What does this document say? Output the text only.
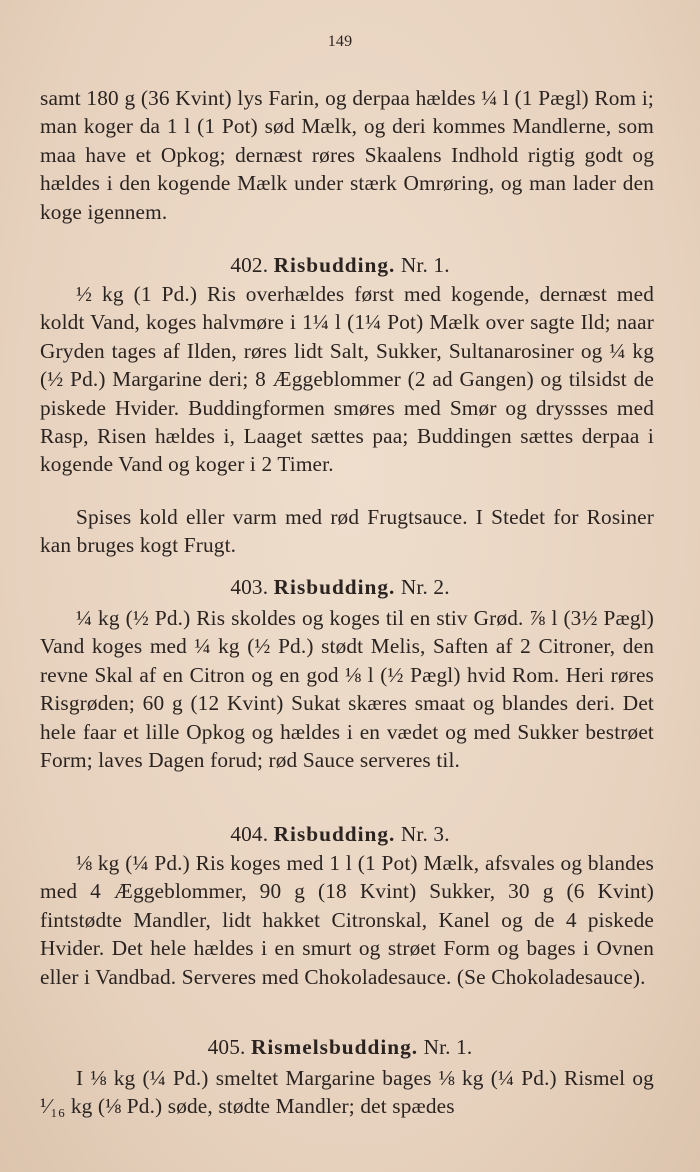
149

samt 180 g (36 Kvint) lys Farin, og derpaa hældes ¼ l (1 Pægl) Rom i; man koger da 1 l (1 Pot) sød Mælk, og deri kommes Mandlerne, som maa have et Opkog; dernæst røres Skaalens Indhold rigtig godt og hældes i den kogende Mælk under stærk Omrøring, og man lader den koge igennem.

402. Risbudding. Nr. 1.

½ kg (1 Pd.) Ris overhældes først med kogende, dernæst med koldt Vand, koges halvmøre i 1¼ l (1¼ Pot) Mælk over sagte Ild; naar Gryden tages af Ilden, røres lidt Salt, Sukker, Sultanarosiner og ¼ kg (½ Pd.) Margarine deri; 8 Æggeblommer (2 ad Gangen) og tilsidst de piskede Hvider. Buddingformen smøres med Smør og dryssses med Rasp, Risen hældes i, Laaget sættes paa; Buddingen sættes derpaa i kogende Vand og koger i 2 Timer.

Spises kold eller varm med rød Frugtsauce. I Stedet for Rosiner kan bruges kogt Frugt.

403. Risbudding. Nr. 2.

¼ kg (½ Pd.) Ris skoldes og koges til en stiv Grød. ⅞ l (3½ Pægl) Vand koges med ¼ kg (½ Pd.) stødt Melis, Saften af 2 Citroner, den revne Skal af en Citron og en god ⅛ l (½ Pægl) hvid Rom. Heri røres Risgrøden; 60 g (12 Kvint) Sukat skæres smaat og blandes deri. Det hele faar et lille Opkog og hældes i en vædet og med Sukker bestrøet Form; laves Dagen forud; rød Sauce serveres til.

404. Risbudding. Nr. 3.

⅛ kg (¼ Pd.) Ris koges med 1 l (1 Pot) Mælk, afsvales og blandes med 4 Æggeblommer, 90 g (18 Kvint) Sukker, 30 g (6 Kvint) fintstødte Mandler, lidt hakket Citronskal, Kanel og de 4 piskede Hvider. Det hele hældes i en smurt og strøet Form og bages i Ovnen eller i Vandbad. Serveres med Chokoladesauce. (Se Chokoladesauce).

405. Rismelsbudding. Nr. 1.

I ⅛ kg (¼ Pd.) smeltet Margarine bages ⅛ kg (¼ Pd.) Rismel og ¹⁄₁₆ kg (⅛ Pd.) søde, stødte Mandler; det spædes
